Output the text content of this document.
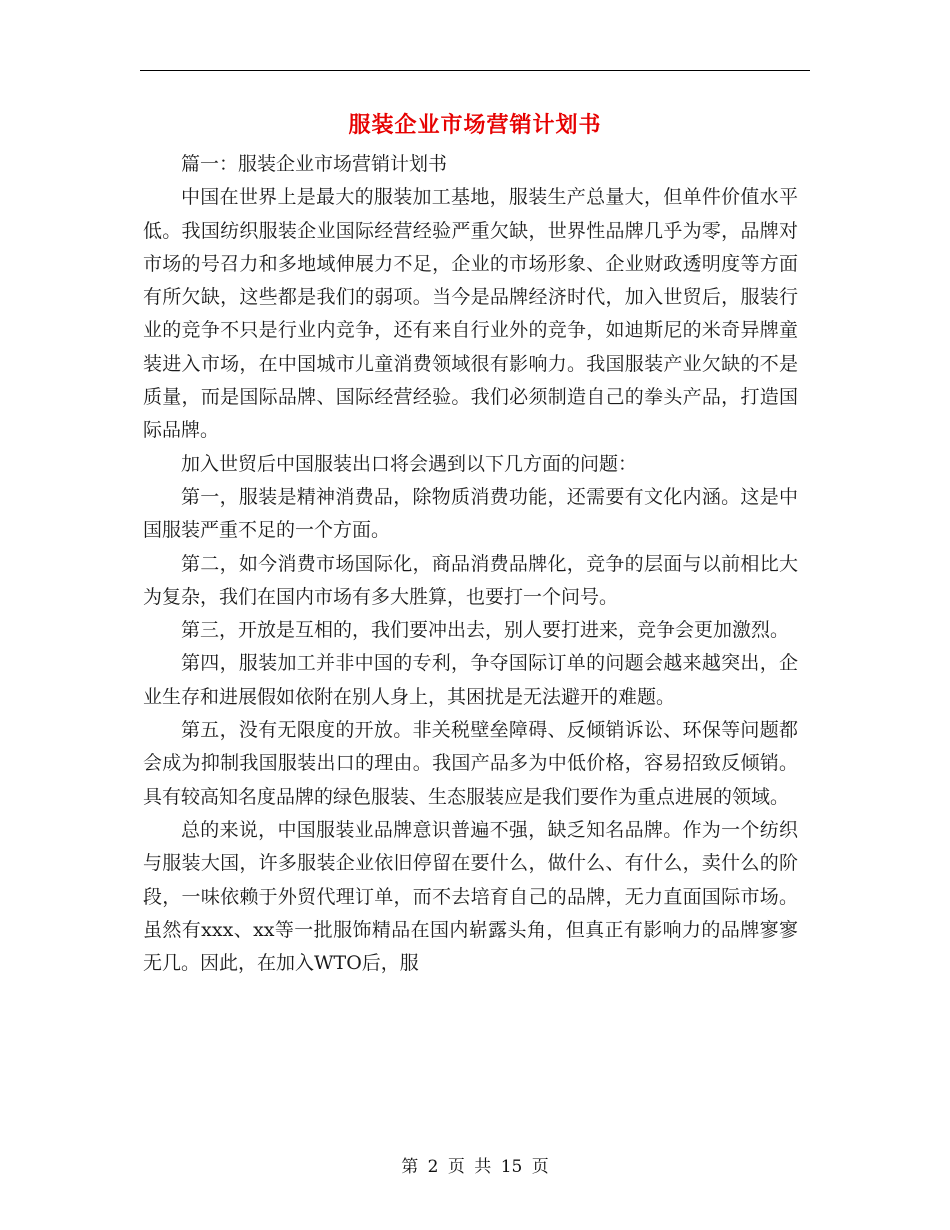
服装企业市场营销计划书

篇一：服装企业市场营销计划书

中国在世界上是最大的服装加工基地，服装生产总量大，但单件价值水平低。我国纺织服装企业国际经营经验严重欠缺，世界性品牌几乎为零，品牌对市场的号召力和多地域伸展力不足，企业的市场形象、企业财政透明度等方面有所欠缺，这些都是我们的弱项。当今是品牌经济时代，加入世贸后，服装行业的竞争不只是行业内竞争，还有来自行业外的竞争，如迪斯尼的米奇异牌童装进入市场，在中国城市儿童消费领域很有影响力。我国服装产业欠缺的不是质量，而是国际品牌、国际经营经验。我们必须制造自己的拳头产品，打造国际品牌。

加入世贸后中国服装出口将会遇到以下几方面的问题：

第一，服装是精神消费品，除物质消费功能，还需要有文化内涵。这是中国服装严重不足的一个方面。

第二，如今消费市场国际化，商品消费品牌化，竞争的层面与以前相比大为复杂，我们在国内市场有多大胜算，也要打一个问号。

第三，开放是互相的，我们要冲出去，别人要打进来，竞争会更加激烈。

第四，服装加工并非中国的专利，争夺国际订单的问题会越来越突出，企业生存和进展假如依附在别人身上，其困扰是无法避开的难题。

第五，没有无限度的开放。非关税壁垒障碍、反倾销诉讼、环保等问题都会成为抑制我国服装出口的理由。我国产品多为中低价格，容易招致反倾销。具有较高知名度品牌的绿色服装、生态服装应是我们要作为重点进展的领域。

总的来说，中国服装业品牌意识普遍不强，缺乏知名品牌。作为一个纺织与服装大国，许多服装企业依旧停留在要什么，做什么、有什么，卖什么的阶段，一味依赖于外贸代理订单，而不去培育自己的品牌，无力直面国际市场。虽然有xxx、xx等一批服饰精品在国内崭露头角，但真正有影响力的品牌寥寥无几。因此，在加入WTO后，服

第 2 页 共 15 页
